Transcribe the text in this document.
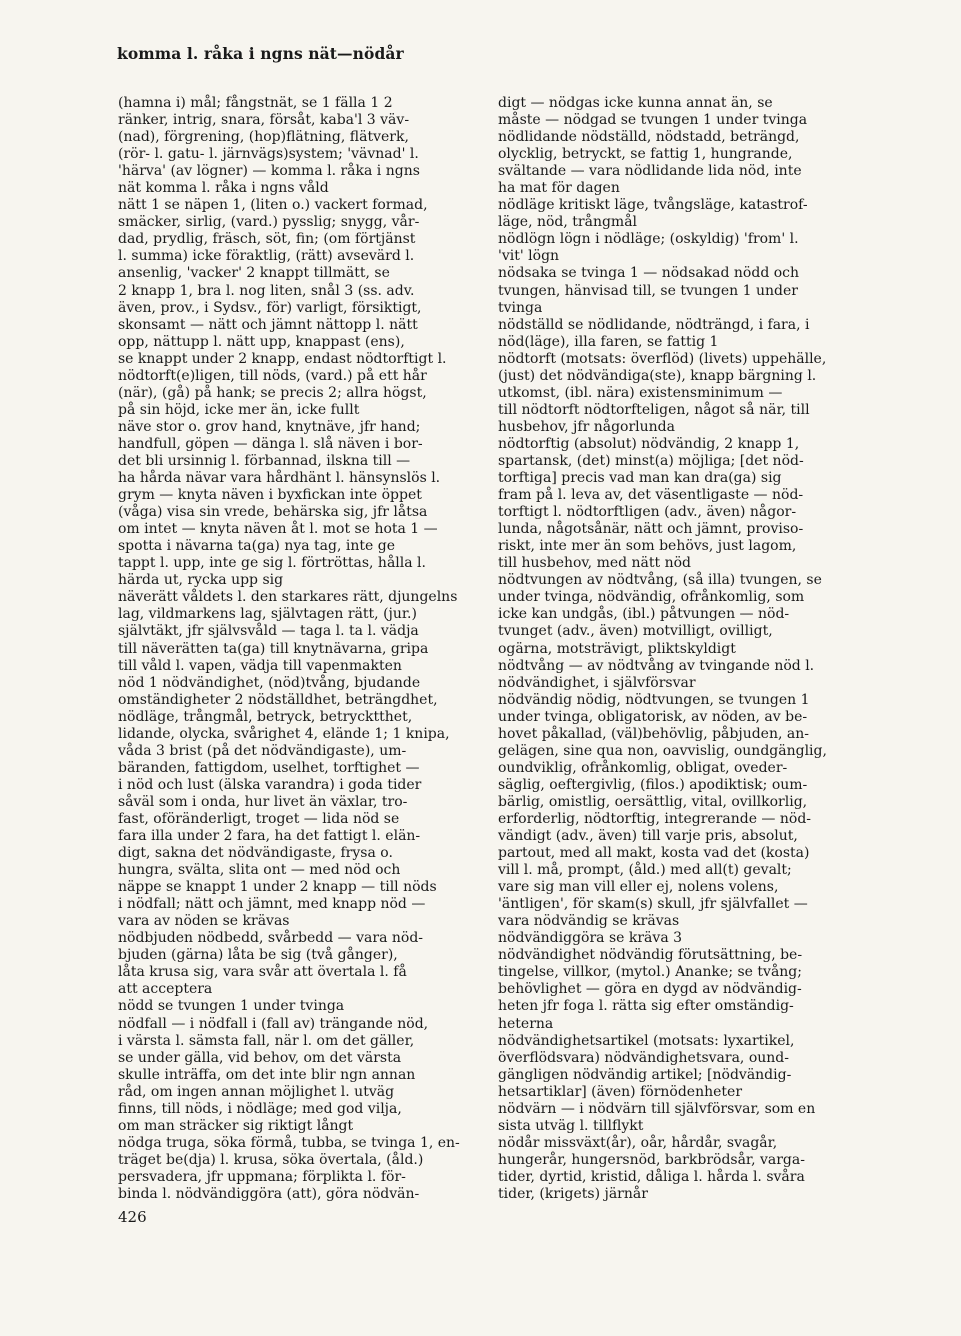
komma l. råka i ngns nät—nödår
(hamna i) mål; fångstnät, se 1 fälla 1 2
ränker, intrig, snara, försåt, kaba'l 3 väv-
(nad), förgrening, (hop)flätning, flätverk,
(rör- l. gatu- l. järnvägs)system; 'vävnad' l.
'härva' (av lögner) — komma l. råka i ngns
nät komma l. råka i ngns våld
nätt 1 se näpen 1, (liten o.) vackert formad,
smäcker, sirlig, (vard.) pysslig; snygg, vår-
dad, prydlig, fräsch, söt, fin; (om förtjänst
l. summa) icke föraktlig, (rätt) avsevärd l.
ansenlig, 'vacker' 2 knappt tillmätt, se
2 knapp 1, bra l. nog liten, snål 3 (ss. adv.
även, prov., i Sydsv., för) varligt, försiktigt,
skonsamt — nätt och jämnt nättopp l. nätt
opp, nättupp l. nätt upp, knappast (ens),
se knappt under 2 knapp, endast nödtorftigt l.
nödtorft(e)ligen, till nöds, (vard.) på ett hår
(när), (gå) på hank; se precis 2; allra högst,
på sin höjd, icke mer än, icke fullt
näve stor o. grov hand, knytnäve, jfr hand;
handfull, göpen — dänga l. slå näven i bor-
det bli ursinnig l. förbannad, ilskna till —
ha hårda nävar vara hårdhänt l. hänsynslös l.
grym — knyta näven i byxfickan inte öppet
(våga) visa sin vrede, behärska sig, jfr låtsa
om intet — knyta näven åt l. mot se hota 1 —
spotta i nävarna ta(ga) nya tag, inte ge
tappt l. upp, inte ge sig l. förtröttas, hålla l.
härda ut, rycka upp sig
näverätt våldets l. den starkares rätt, djungelns
lag, vildmarkens lag, självtagen rätt, (jur.)
självtäkt, jfr självsvåld — taga l. ta l. vädja
till näverätten ta(ga) till knytnävarna, gripa
till våld l. vapen, vädja till vapenmakten
nöd 1 nödvändighet, (nöd)tvång, bjudande
omständigheter 2 nödställdhet, beträngdhet,
nödläge, trångmål, betryck, betrycktthet,
lidande, olycka, svårighet 4, elände 1; 1 knipa,
våda 3 brist (på det nödvändigaste), um-
bäranden, fattigdom, uselhet, torftighet —
i nöd och lust (älska varandra) i goda tider
såväl som i onda, hur livet än växlar, tro-
fast, oföränderligt, troget — lida nöd se
fara illa under 2 fara, ha det fattigt l. elän-
digt, sakna det nödvändigaste, frysa o.
hungra, svälta, slita ont — med nöd och
näppe se knappt 1 under 2 knapp — till nöds
i nödfall; nätt och jämnt, med knapp nöd —
vara av nöden se krävas
nödbjuden nödbedd, svårbedd — vara nöd-
bjuden (gärna) låta be sig (två gånger),
låta krusa sig, vara svår att övertala l. få
att acceptera
nödd se tvungen 1 under tvinga
nödfall — i nödfall i (fall av) trängande nöd,
i värsta l. sämsta fall, när l. om det gäller,
se under gälla, vid behov, om det värsta
skulle inträffa, om det inte blir ngn annan
råd, om ingen annan möjlighet l. utväg
finns, till nöds, i nödläge; med god vilja,
om man sträcker sig riktigt långt
nödga truga, söka förmå, tubba, se tvinga 1, en-
träget be(dja) l. krusa, söka övertala, (åld.)
persvadera, jfr uppmana; förplikta l. för-
binda l. nödvändiggöra (att), göra nödvän-
digt — nödgas icke kunna annat än, se
måste — nödgad se tvungen 1 under tvinga
nödlidande nödställd, nödstadd, beträngd,
olycklig, betryckt, se fattig 1, hungrande,
svältande — vara nödlidande lida nöd, inte
ha mat för dagen
nödläge kritiskt läge, tvångsläge, katastrof-
läge, nöd, trångmål
nödlögn lögn i nödläge; (oskyldig) 'from' l.
'vit' lögn
nödsaka se tvinga 1 — nödsakad nödd och
tvungen, hänvisad till, se tvungen 1 under
tvinga
nödställd se nödlidande, nödträngd, i fara, i
nöd(läge), illa faren, se fattig 1
nödtorft (motsats: överflöd) (livets) uppehälle,
(just) det nödvändiga(ste), knapp bärgning l.
utkomst, (ibl. nära) existensminimum —
till nödtorft nödtorfteligen, något så när, till
husbehov, jfr någorlunda
nödtorftig (absolut) nödvändig, 2 knapp 1,
spartansk, (det) minst(a) möjliga; [det nöd-
torftiga] precis vad man kan dra(ga) sig
fram på l. leva av, det väsentligaste — nöd-
torftigt l. nödtorftligen (adv., även) någor-
lunda, någotsånär, nätt och jämnt, proviso-
riskt, inte mer än som behövs, just lagom,
till husbehov, med nätt nöd
nödtvungen av nödtvång, (så illa) tvungen, se
under tvinga, nödvändig, ofrånkomlig, som
icke kan undgås, (ibl.) påtvungen — nöd-
tvunget (adv., även) motvilligt, ovilligt,
ogärna, motsträvigt, pliktskyldigt
nödtvång — av nödtvång av tvingande nöd l.
nödvändighet, i självförsvar
nödvändig nödig, nödtvungen, se tvungen 1
under tvinga, obligatorisk, av nöden, av be-
hovet påkallad, (väl)behövlig, påbjuden, an-
gelägen, sine qua non, oavvislig, oundgänglig,
oundviklig, ofrånkomlig, obligat, oveder-
säglig, oeftergivlig, (filos.) apodiktisk; oum-
bärlig, omistlig, oersättlig, vital, ovillkorlig,
erforderlig, nödtorftig, integrerande — nöd-
vändigt (adv., även) till varje pris, absolut,
partout, med all makt, kosta vad det (kosta)
vill l. må, prompt, (åld.) med all(t) gevalt;
vare sig man vill eller ej, nolens volens,
'äntligen', för skam(s) skull, jfr självfallet —
vara nödvändig se krävas
nödvändiggöra se kräva 3
nödvändighet nödvändig förutsättning, be-
tingelse, villkor, (mytol.) Ananke; se tvång;
behövlighet — göra en dygd av nödvändig-
heten jfr foga l. rätta sig efter omständig-
heterna
nödvändighetsartikel (motsats: lyxartikel,
överflödsvara) nödvändighetsvara, ound-
gängligen nödvändig artikel; [nödvändig-
hetsartiklar] (även) förnödenheter
nödvärn — i nödvärn till självförsvar, som en
sista utväg l. tillflykt
nödår missväxt(år), oår, hårdår, svagår,
hungerår, hungersnöd, barkbrödsår, varga-
tider, dyrtid, kristid, dåliga l. hårda l. svåra
tider, (krigets) järnår
426
